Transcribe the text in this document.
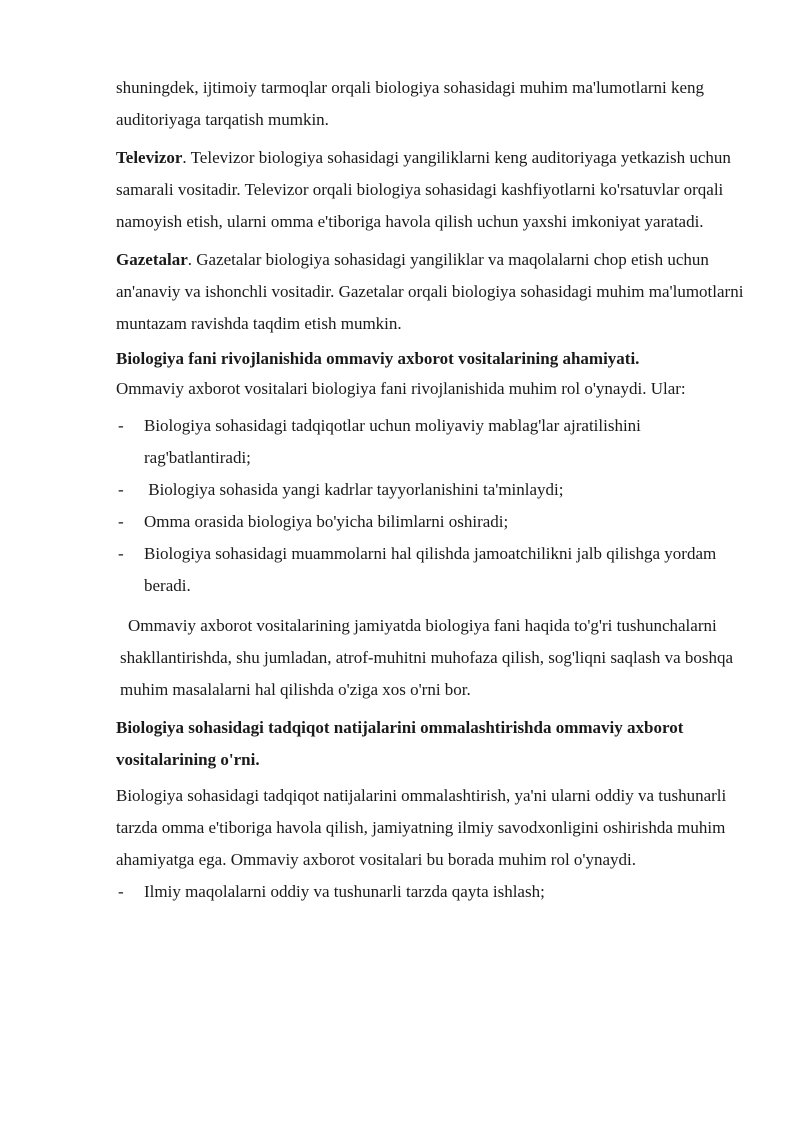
shuningdek, ijtimoiy tarmoqlar orqali biologiya sohasidagi muhim ma'lumotlarni keng auditoriyaga tarqatish mumkin.

Televizor. Televizor biologiya sohasidagi yangiliklarni keng auditoriyaga yetkazish uchun samarali vositadir. Televizor orqali biologiya sohasidagi kashfiyotlarni ko'rsatuvlar orqali namoyish etish, ularni omma e'tiboriga havola qilish uchun yaxshi imkoniyat yaratadi.

Gazetalar. Gazetalar biologiya sohasidagi yangiliklar va maqolalarni chop etish uchun an'anaviy va ishonchli vositadir. Gazetalar orqali biologiya sohasidagi muhim ma'lumotlarni muntazam ravishda taqdim etish mumkin.

Biologiya fani rivojlanishida ommaviy axborot vositalarining ahamiyati.
Ommaviy axborot vositalari biologiya fani rivojlanishida muhim rol o'ynaydi. Ular:
- Biologiya sohasidagi tadqiqotlar uchun moliyaviy mablag'lar ajratilishini rag'batlantiradi;
- Biologiya sohasida yangi kadrlar tayyorlanishini ta'minlaydi;
- Omma orasida biologiya bo'yicha bilimlarni oshiradi;
- Biologiya sohasidagi muammolarni hal qilishda jamoatchilikni jalb qilishga yordam beradi.

Ommaviy axborot vositalarining jamiyatda biologiya fani haqida to'g'ri tushunchalarni shakllantirishda, shu jumladan, atrof-muhitni muhofaza qilish, sog'liqni saqlash va boshqa muhim masalalarni hal qilishda o'ziga xos o'rni bor.

Biologiya sohasidagi tadqiqot natijalarini ommalashtirishda ommaviy axborot vositalarining o'rni.

Biologiya sohasidagi tadqiqot natijalarini ommalashtirish, ya'ni ularni oddiy va tushunarli tarzda omma e'tiboriga havola qilish, jamiyatning ilmiy savodxonligini oshirishda muhim ahamiyatga ega. Ommaviy axborot vositalari bu borada muhim rol o'ynaydi.

- Ilmiy maqolalarni oddiy va tushunarli tarzda qayta ishlash;
